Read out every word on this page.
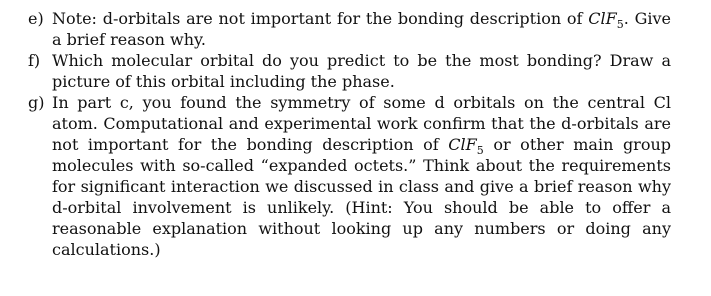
e) Note: d-orbitals are not important for the bonding description of ClF$_5$. Give a brief reason why.

f) Which molecular orbital do you predict to be the most bonding? Draw a picture of this orbital including the phase.

g) In part c, you found the symmetry of some d orbitals on the central Cl atom. Computational and experimental work confirm that the d-orbitals are not important for the bonding description of ClF$_5$ or other main group molecules with so-called “expanded octets.” Think about the requirements for significant interaction we discussed in class and give a brief reason why d-orbital involvement is unlikely. (Hint: You should be able to offer a reasonable explanation without looking up any numbers or doing any calculations.)
